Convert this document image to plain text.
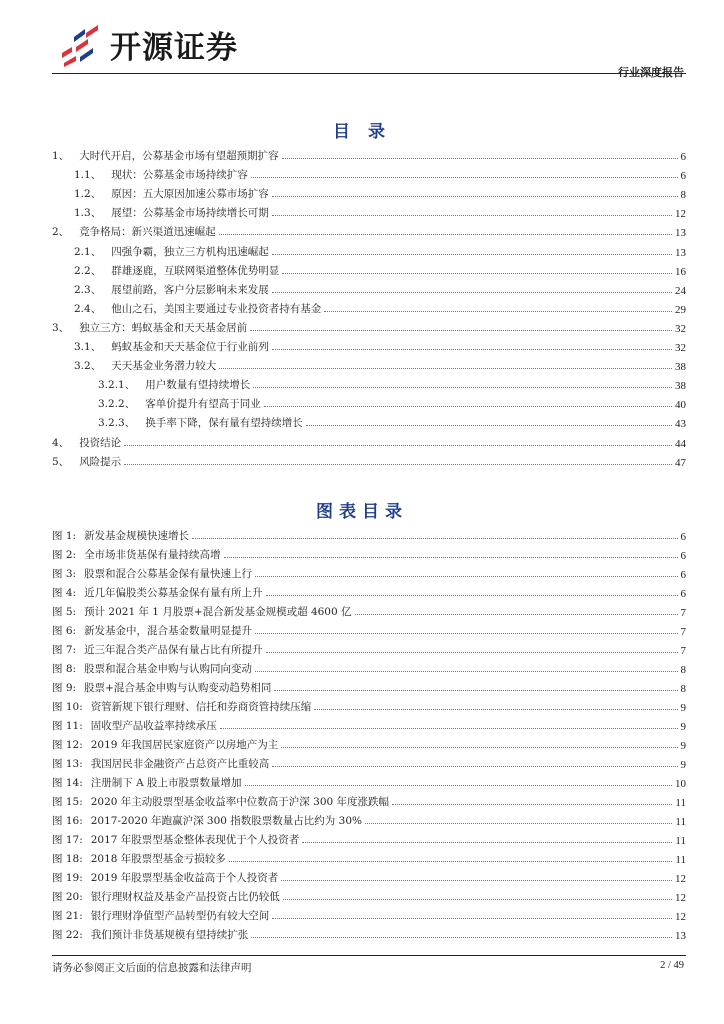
开源证券
行业深度报告
目 录
1、 大时代开启，公募基金市场有望超预期扩容	6
1.1、 现状：公募基金市场持续扩容	6
1.2、 原因：五大原因加速公募市场扩容	8
1.3、 展望：公募基金市场持续增长可期	12
2、 竞争格局：新兴渠道迅速崛起	13
2.1、 四强争霸，独立三方机构迅速崛起	13
2.2、 群雄逐鹿，互联网渠道整体优势明显	16
2.3、 展望前路，客户分层影响未来发展	24
2.4、 他山之石，美国主要通过专业投资者持有基金	29
3、 独立三方：蚂蚁基金和天天基金居前	32
3.1、 蚂蚁基金和天天基金位于行业前列	32
3.2、 天天基金业务潜力较大	38
3.2.1、 用户数量有望持续增长	38
3.2.2、 客单价提升有望高于同业	40
3.2.3、 换手率下降，保有量有望持续增长	43
4、 投资结论	44
5、 风险提示	47
图表目录
图 1: 新发基金规模快速增长	6
图 2: 全市场非货基保有量持续高增	6
图 3: 股票和混合公募基金保有量快速上行	6
图 4: 近几年偏股类公募基金保有量有所上升	6
图 5: 预计 2021 年 1 月股票+混合新发基金规模或超 4600 亿	7
图 6: 新发基金中，混合基金数量明显提升	7
图 7: 近三年混合类产品保有量占比有所提升	7
图 8: 股票和混合基金申购与认购同向变动	8
图 9: 股票+混合基金申购与认购变动趋势相同	8
图 10: 资管新规下银行理财、信托和券商资管持续压缩	9
图 11: 固收型产品收益率持续承压	9
图 12: 2019 年我国居民家庭资产以房地产为主	9
图 13: 我国居民非金融资产占总资产比重较高	9
图 14: 注册制下 A 股上市股票数量增加	10
图 15: 2020 年主动股票型基金收益率中位数高于沪深 300 年度涨跌幅	11
图 16: 2017-2020 年跑赢沪深 300 指数股票数量占比约为 30%	11
图 17: 2017 年股票型基金整体表现优于个人投资者	11
图 18: 2018 年股票型基金亏损较多	11
图 19: 2019 年股票型基金收益高于个人投资者	12
图 20: 银行理财权益及基金产品投资占比仍较低	12
图 21: 银行理财净值型产品转型仍有较大空间	12
图 22: 我们预计非货基规模有望持续扩张	13
请务必参阅正文后面的信息披露和法律声明	2 / 49
